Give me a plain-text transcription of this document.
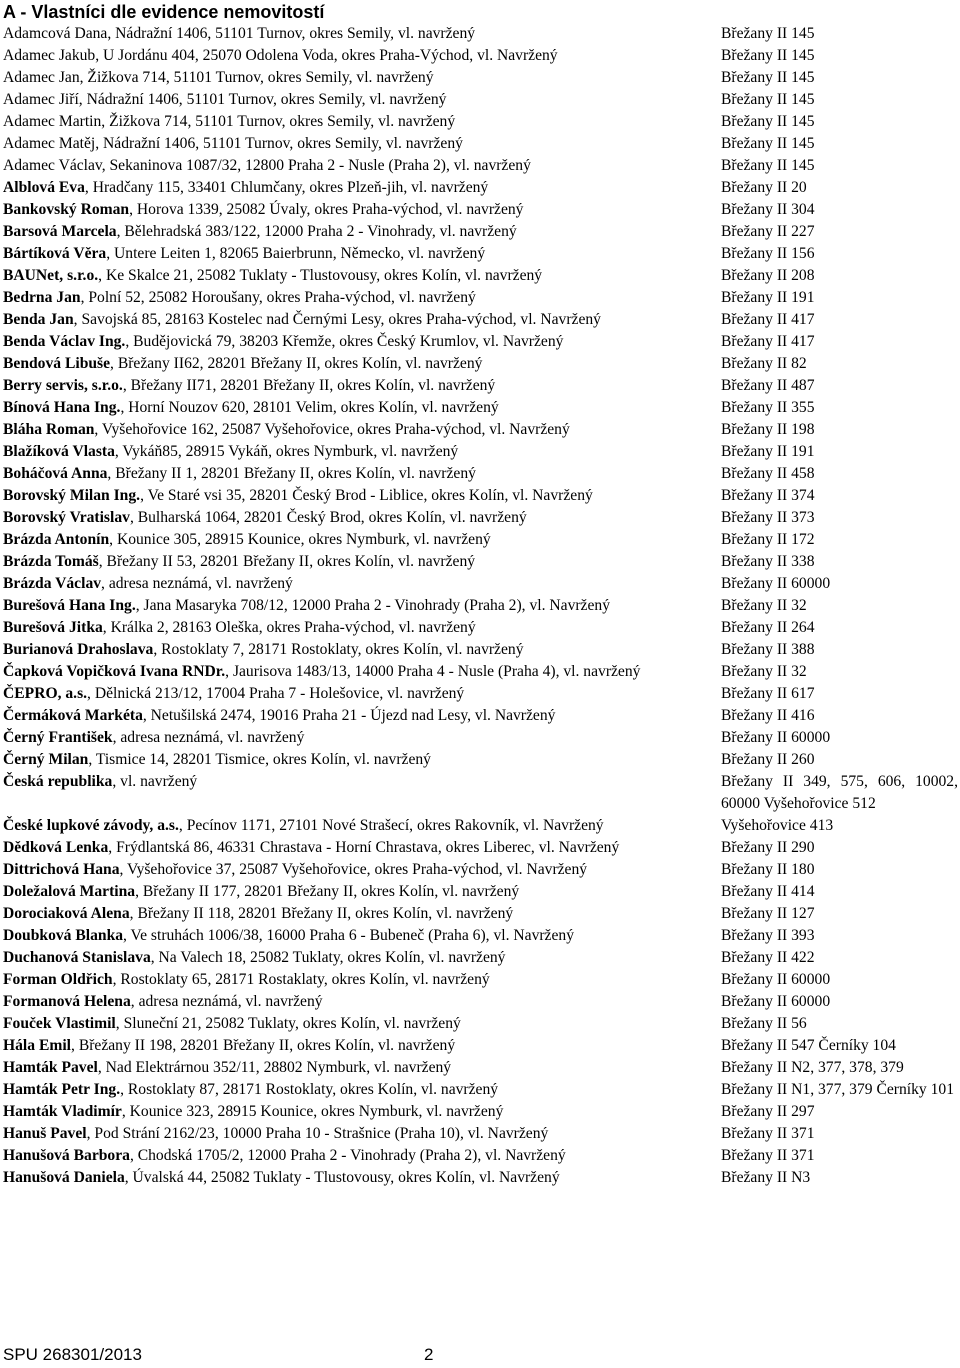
A - Vlastníci dle evidence nemovitostí
Adamcová Dana, Nádražní 1406, 51101 Turnov, okres Semily, vl. navržený	Břežany II 145
Adamec Jakub, U Jordánu 404, 25070 Odolena Voda, okres Praha-Východ, vl. Navržený	Břežany II 145
Adamec Jan, Žižkova 714, 51101 Turnov, okres Semily, vl. navržený	Břežany II 145
Adamec Jiří, Nádražní 1406, 51101 Turnov, okres Semily, vl. navržený	Břežany II 145
Adamec Martin, Žižkova 714, 51101 Turnov, okres Semily, vl. navržený	Břežany II 145
Adamec Matěj, Nádražní 1406, 51101 Turnov, okres Semily, vl. navržený	Břežany II 145
Adamec Václav, Sekaninova 1087/32, 12800 Praha 2 - Nusle (Praha 2), vl. navržený	Břežany II 145
Alblová Eva, Hradčany 115, 33401 Chlumčany, okres Plzeň-jih, vl. navržený	Břežany II 20
Bankovský Roman, Horova 1339, 25082 Úvaly, okres Praha-východ, vl. navržený	Břežany II 304
Barsová Marcela, Bělehradská 383/122, 12000 Praha 2 - Vinohrady, vl. navržený	Břežany II 227
Bártíková Věra, Untere Leiten 1, 82065 Baierbrunn, Německo, vl. navržený	Břežany II 156
BAUNet, s.r.o., Ke Skalce 21, 25082 Tuklaty - Tlustovousy, okres Kolín, vl. navržený	Břežany II 208
Bedrna Jan, Polní 52, 25082 Horoušany, okres Praha-východ, vl. navržený	Břežany II 191
Benda Jan, Savojská 85, 28163 Kostelec nad Černými Lesy, okres Praha-východ, vl. Navržený	Břežany II 417
Benda Václav Ing., Budějovická 79, 38203 Křemže, okres Český Krumlov, vl. Navržený	Břežany II 417
Bendová Libuše, Břežany II62, 28201 Břežany II, okres Kolín, vl. navržený	Břežany II 82
Berry servis, s.r.o., Břežany II71, 28201 Břežany II, okres Kolín, vl. navržený	Břežany II 487
Bínová Hana Ing., Horní Nouzov 620, 28101 Velim, okres Kolín, vl. navržený	Břežany II 355
Bláha Roman, Vyšehořovice 162, 25087 Vyšehořovice, okres Praha-východ, vl. Navržený	Břežany II 198
Blažíková Vlasta, Vykáň85, 28915 Vykáň, okres Nymburk, vl. navržený	Břežany II 191
Boháčová Anna, Břežany II 1, 28201 Břežany II, okres Kolín, vl. navržený	Břežany II 458
Borovský Milan Ing., Ve Staré vsi 35, 28201 Český Brod - Liblice, okres Kolín, vl. Navržený	Břežany II 374
Borovský Vratislav, Bulharská 1064, 28201 Český Brod, okres Kolín, vl. navržený	Břežany II 373
Brázda Antonín, Kounice 305, 28915 Kounice, okres Nymburk, vl. navržený	Břežany II 172
Brázda Tomáš, Břežany II 53, 28201 Břežany II, okres Kolín, vl. navržený	Břežany II 338
Brázda Václav, adresa neznámá, vl. navržený	Břežany II 60000
Burešová Hana Ing., Jana Masaryka 708/12, 12000 Praha 2 - Vinohrady (Praha 2), vl. Navržený	Břežany II 32
Burešová Jitka, Králka 2, 28163 Oleška, okres Praha-východ, vl. navržený	Břežany II 264
Burianová Drahoslava, Rostoklaty 7, 28171 Rostoklaty, okres Kolín, vl. navržený	Břežany II 388
Čapková Vopičková Ivana RNDr., Jaurisova 1483/13, 14000 Praha 4 - Nusle (Praha 4), vl. navržený	Břežany II 32
ČEPRO, a.s., Dělnická 213/12, 17004 Praha 7 - Holešovice, vl. navržený	Břežany II 617
Čermáková Markéta, Netušilská 2474, 19016 Praha 21 - Újezd nad Lesy, vl. Navržený	Břežany II 416
Černý František, adresa neznámá, vl. navržený	Břežany II 60000
Černý Milan, Tismice 14, 28201 Tismice, okres Kolín, vl. navržený	Břežany II 260
Česká republika, vl. navržený	Břežany II 349, 575, 606, 10002, 60000 Vyšehořovice 512
České lupkové závody, a.s., Pecínov 1171, 27101 Nové Strašecí, okres Rakovník, vl. Navržený	Vyšehořovice 413
Dědková Lenka, Frýdlantská 86, 46331 Chrastava - Horní Chrastava, okres Liberec, vl. Navržený	Břežany II 290
Dittrichová Hana, Vyšehořovice 37, 25087 Vyšehořovice, okres Praha-východ, vl. Navržený	Břežany II 180
Doležalová Martina, Břežany II 177, 28201 Břežany II, okres Kolín, vl. navržený	Břežany II 414
Dorociaková Alena, Břežany II 118, 28201 Břežany II, okres Kolín, vl. navržený	Břežany II 127
Doubková Blanka, Ve struhách 1006/38, 16000 Praha 6 - Bubeneč (Praha 6), vl. Navržený	Břežany II 393
Duchanová Stanislava, Na Valech 18, 25082 Tuklaty, okres Kolín, vl. navržený	Břežany II 422
Forman Oldřich, Rostoklaty 65, 28171 Rostaklaty, okres Kolín, vl. navržený	Břežany II 60000
Formanová Helena, adresa neznámá, vl. navržený	Břežany II 60000
Fouček Vlastimil, Sluneční 21, 25082 Tuklaty, okres Kolín, vl. navržený	Břežany II 56
Hála Emil, Břežany II 198, 28201 Břežany II, okres Kolín, vl. navržený	Břežany II 547 Černíky 104
Hamták Pavel, Nad Elektrárnou 352/11, 28802 Nymburk, vl. navržený	Břežany II N2, 377, 378, 379
Hamták Petr Ing., Rostoklaty 87, 28171 Rostoklaty, okres Kolín, vl. navržený	Břežany II N1, 377, 379 Černíky 101
Hamták Vladimír, Kounice 323, 28915 Kounice, okres Nymburk, vl. navržený	Břežany II 297
Hanuš Pavel, Pod Strání 2162/23, 10000 Praha 10 - Strašnice (Praha 10), vl. Navržený	Břežany II 371
Hanušová Barbora, Chodská 1705/2, 12000 Praha 2 - Vinohrady (Praha 2), vl. Navržený	Břežany II 371
Hanušová Daniela, Úvalská 44, 25082 Tuklaty - Tlustovousy, okres Kolín, vl. Navržený	Břežany II N3
SPU 268301/2013	2
